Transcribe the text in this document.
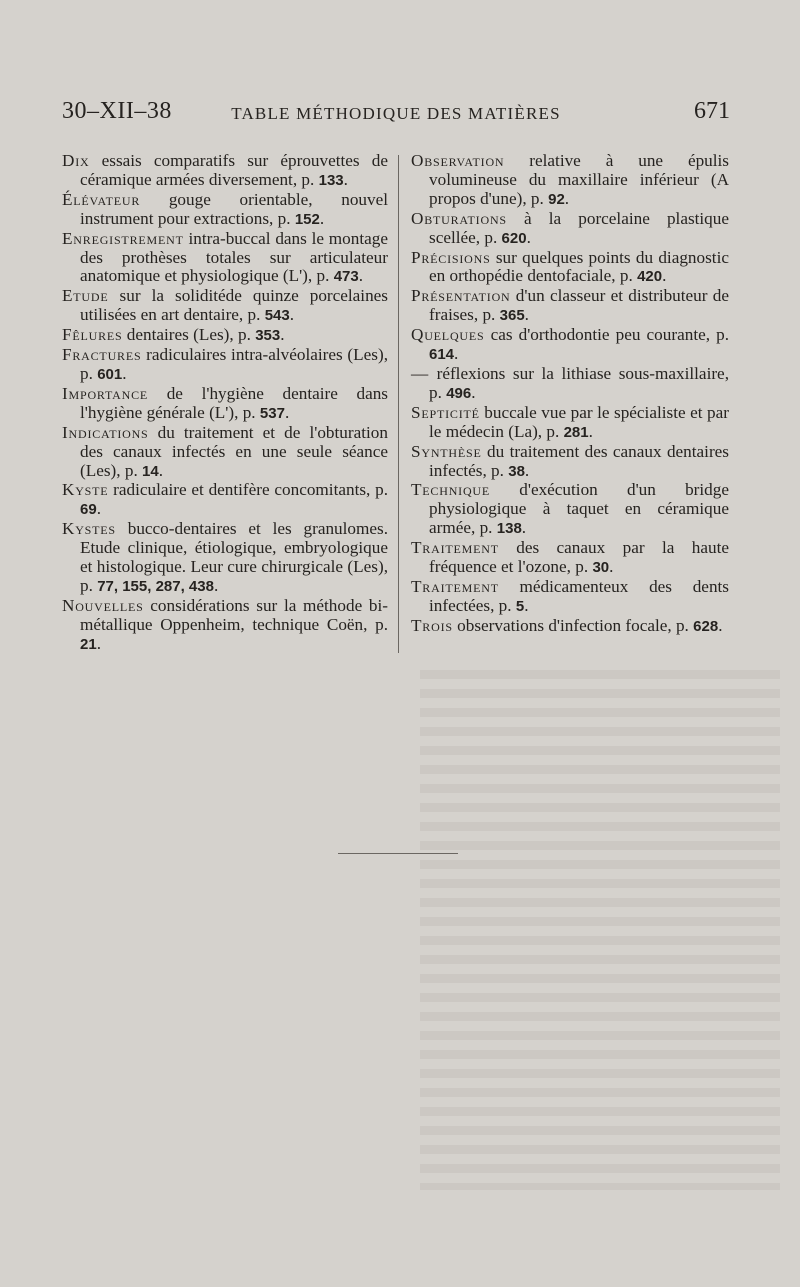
30–XII–38	TABLE MÉTHODIQUE DES MATIÈRES	671

Dix essais comparatifs sur éprouvettes de céramique armées diversement, p. 133.

Élévateur gouge orientable, nouvel instrument pour extractions, p. 152.

Enregistrement intra-buccal dans le montage des prothèses totales sur articulateur anatomique et physiologique (L'), p. 473.

Etude sur la soliditéde quinze porcelaines utilisées en art dentaire, p. 543.

Fêlures dentaires (Les), p. 353.

Fractures radiculaires intra-alvéolaires (Les), p. 601.

Importance de l'hygiène dentaire dans l'hygiène générale (L'), p. 537.

Indications du traitement et de l'obturation des canaux infectés en une seule séance (Les), p. 14.

Kyste radiculaire et dentifère concomitants, p. 69.

Kystes bucco-dentaires et les granulomes. Etude clinique, étiologique, embryologique et histologique. Leur cure chirurgicale (Les), p. 77, 155, 287, 438.

Nouvelles considérations sur la méthode bi-métallique Oppenheim, technique Coën, p. 21.

Observation relative à une épulis volumineuse du maxillaire inférieur (A propos d'une), p. 92.

Obturations à la porcelaine plastique scellée, p. 620.

Précisions sur quelques points du diagnostic en orthopédie dentofaciale, p. 420.

Présentation d'un classeur et distributeur de fraises, p. 365.

Quelques cas d'orthodontie peu courante, p. 614.

— réflexions sur la lithiase sous-maxillaire, p. 496.

Septicité buccale vue par le spécialiste et par le médecin (La), p. 281.

Synthèse du traitement des canaux dentaires infectés, p. 38.

Technique d'exécution d'un bridge physiologique à taquet en céramique armée, p. 138.

Traitement des canaux par la haute fréquence et l'ozone, p. 30.

Traitement médicamenteux des dents infectées, p. 5.

Trois observations d'infection focale, p. 628.
